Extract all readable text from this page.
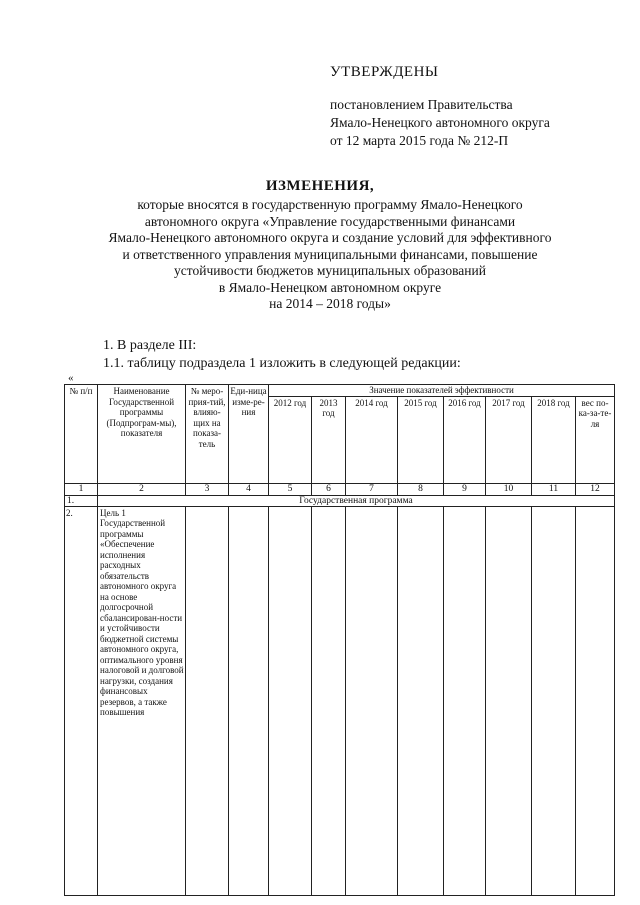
УТВЕРЖДЕНЫ
постановлением Правительства
Ямало-Ненецкого автономного округа
от 12 марта 2015 года № 212-П
ИЗМЕНЕНИЯ,
которые вносятся в государственную программу Ямало-Ненецкого
автономного округа «Управление государственными финансами
Ямало-Ненецкого автономного округа и создание условий для эффективного
и ответственного управления муниципальными финансами, повышение
устойчивости бюджетов муниципальных образований
в Ямало-Ненецком автономном округе
на 2014 – 2018 годы»
1. В разделе III:
1.1. таблицу подраздела 1 изложить в следующей редакции:
«
№ п/п	Наименование Государственной программы (Подпрограм-мы), показателя	№ меро-прия-тий, влияю-щих на показа-тель	Еди-ница изме-ре-ния	Значение показателей эффективности							
				2012 год	2013 год	2014 год	2015 год	2016 год	2017 год	2018 год	вес по-ка-за-те-ля
1	2	3	4	5	6	7	8	9	10	11	12
1.	Государственная программа										
2.	Цель 1 Государственной программы «Обеспечение исполнения расходных обязательств автономного округа на основе долгосрочной сбалансирован-ности и устойчивости бюджетной системы автономного округа, оптимального уровня налоговой и долговой нагрузки, создания финансовых резервов, а также повышения										
